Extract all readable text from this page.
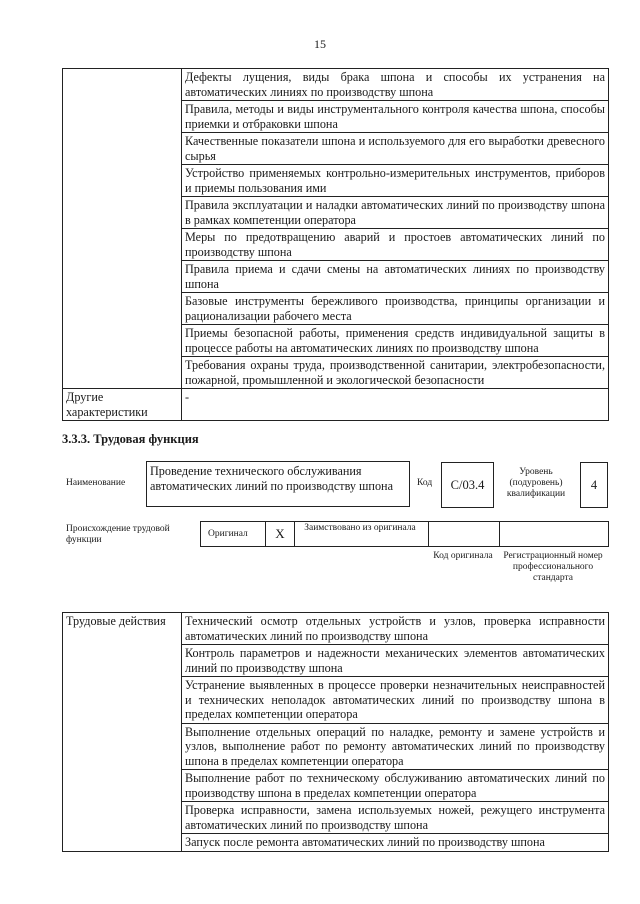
15
	Дефекты лущения, виды брака шпона и способы их устранения на автоматических линиях по производству шпона
	Правила, методы и виды инструментального контроля качества шпона, способы приемки и отбраковки шпона
	Качественные показатели шпона и используемого для его выработки древесного сырья
	Устройство применяемых контрольно-измерительных инструментов, приборов и приемы пользования ими
	Правила эксплуатации и наладки автоматических линий по производству шпона в рамках компетенции оператора
	Меры по предотвращению аварий и простоев автоматических линий по производству шпона
	Правила приема и сдачи смены на автоматических линиях по производству шпона
	Базовые инструменты бережливого производства, принципы организации и рационализации рабочего места
	Приемы безопасной работы, применения средств индивидуальной защиты в процессе работы на автоматических линиях по производству шпона
	Требования охраны труда, производственной санитарии, электробезопасности, пожарной, промышленной и экологической безопасности
Другие характеристики	-
3.3.3. Трудовая функция
Наименование
Проведение технического обслуживания автоматических линий по производству шпона	Код C/03.4
Уровень (подуровень) квалификации
4
Происхождение трудовой функции
Оригинал	X	Заимствовано из оригинала
Код оригинала Регистрационный номер профессионального стандарта
Трудовые действия	Технический осмотр отдельных устройств и узлов, проверка исправности автоматических линий по производству шпона
Контроль параметров и надежности механических элементов автоматических линий по производству шпона
Устранение выявленных в процессе проверки незначительных неисправностей и технических неполадок автоматических линий по производству шпона в пределах компетенции оператора
Выполнение отдельных операций по наладке, ремонту и замене устройств и узлов, выполнение работ по ремонту автоматических линий по производству шпона в пределах компетенции оператора
Выполнение работ по техническому обслуживанию автоматических линий по производству шпона в пределах компетенции оператора
Проверка исправности, замена используемых ножей, режущего инструмента автоматических линий по производству шпона
Запуск после ремонта автоматических линий по производству шпона
